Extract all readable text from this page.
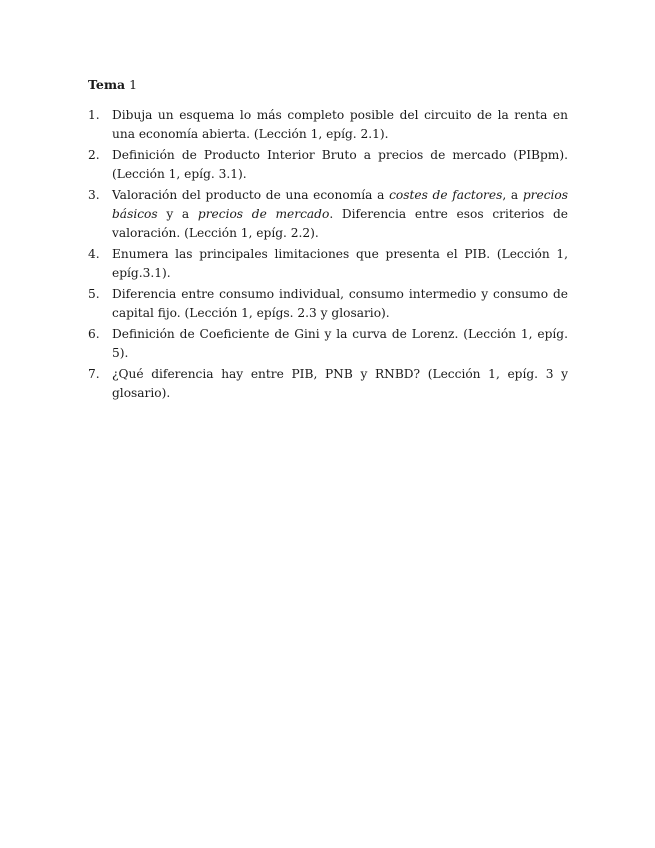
Tema 1
1. Dibuja un esquema lo más completo posible del circuito de la renta en una economía abierta. (Lección 1, epíg. 2.1).
2. Definición de Producto Interior Bruto a precios de mercado (PIBpm). (Lección 1, epíg. 3.1).
3. Valoración del producto de una economía a costes de factores, a precios básicos y a precios de mercado. Diferencia entre esos criterios de valoración. (Lección 1, epíg. 2.2).
4. Enumera las principales limitaciones que presenta el PIB. (Lección 1, epíg.3.1).
5. Diferencia entre consumo individual, consumo intermedio y consumo de capital fijo. (Lección 1, epígs. 2.3 y glosario).
6. Definición de Coeficiente de Gini y la curva de Lorenz. (Lección 1, epíg. 5).
7. ¿Qué diferencia hay entre PIB, PNB y RNBD? (Lección 1, epíg. 3 y glosario).
